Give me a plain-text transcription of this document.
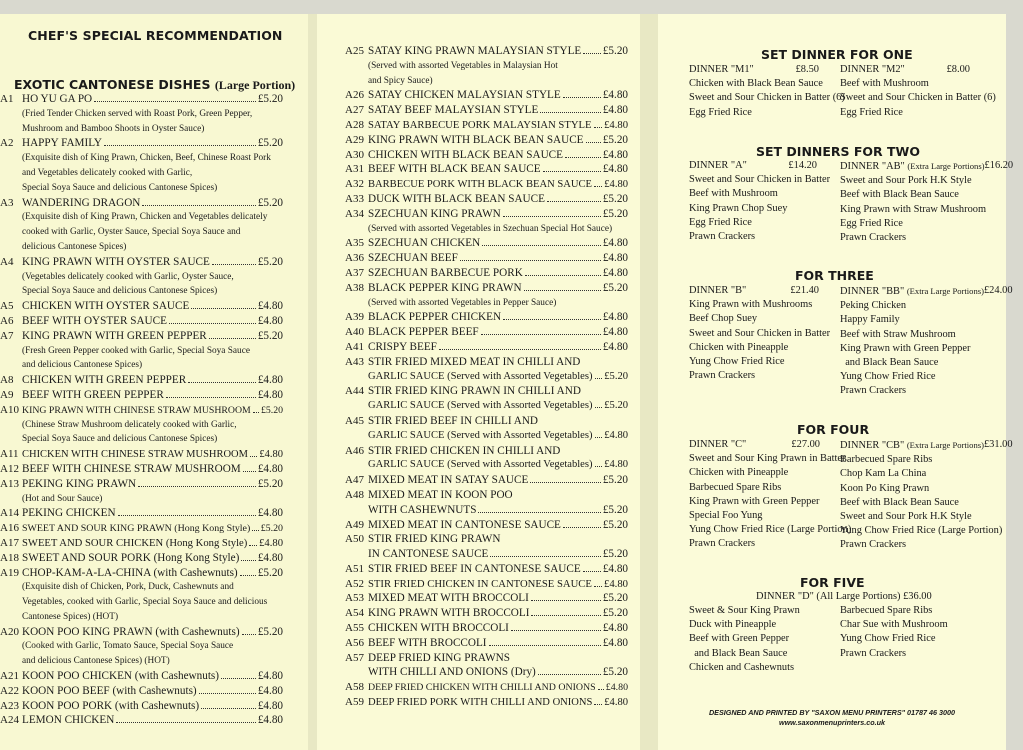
CHEF'S SPECIAL RECOMMENDATION
EXOTIC CANTONESE DISHES (Large Portion)
A1 HO YU GA PO	£5.20
(Fried Tender Chicken served with Roast Pork, Green Pepper,
Mushroom and Bamboo Shoots in Oyster Sauce)
A2 HAPPY FAMILY	£5.20
(Exquisite dish of King Prawn, Chicken, Beef, Chinese Roast Pork
and Vegetables delicately cooked with Garlic,
Special Soya Sauce and delicious Cantonese Spices)
A3 WANDERING DRAGON	£5.20
(Exquisite dish of King Prawn, Chicken and Vegetables delicately
cooked with Garlic, Oyster Sauce, Special Soya Sauce and
delicious Cantonese Spices)
A4 KING PRAWN WITH OYSTER SAUCE	£5.20
(Vegetables delicately cooked with Garlic, Oyster Sauce,
Special Soya Sauce and delicious Cantonese Spices)
A5 CHICKEN WITH OYSTER SAUCE	£4.80
A6 BEEF WITH OYSTER SAUCE	£4.80
A7 KING PRAWN WITH GREEN PEPPER	£5.20
(Fresh Green Pepper cooked with Garlic, Special Soya Sauce
and delicious Cantonese Spices)
A8 CHICKEN WITH GREEN PEPPER	£4.80
A9 BEEF WITH GREEN PEPPER	£4.80
A10 KING PRAWN WITH CHINESE STRAW MUSHROOM £5.20
(Chinese Straw Mushroom delicately cooked with Garlic,
Special Soya Sauce and delicious Cantonese Spices)
A11 CHICKEN WITH CHINESE STRAW MUSHROOM £4.80
A12 BEEF WITH CHINESE STRAW MUSHROOM £4.80
A13 PEKING KING PRAWN	£5.20
(Hot and Sour Sauce)
A14 PEKING CHICKEN	£4.80
A16 SWEET AND SOUR KING PRAWN (Hong Kong Style) £5.20
A17 SWEET AND SOUR CHICKEN (Hong Kong Style) £4.80
A18 SWEET AND SOUR PORK (Hong Kong Style) £4.80
A19 CHOP-KAM-A-LA-CHINA (with Cashewnuts) £5.20
(Exquisite dish of Chicken, Pork, Duck, Cashewnuts and
Vegetables, cooked with Garlic, Special Soya Sauce and delicious
Cantonese Spices) (HOT)
A20 KOON POO KING PRAWN (with Cashewnuts) £5.20
(Cooked with Garlic, Tomato Sauce, Special Soya Sauce
and delicious Cantonese Spices) (HOT)
A21 KOON POO CHICKEN (with Cashewnuts)	£4.80
A22 KOON POO BEEF (with Cashewnuts)	£4.80
A23 KOON POO PORK (with Cashewnuts)	£4.80
A24 LEMON CHICKEN	£4.80
A25 SATAY KING PRAWN MALAYSIAN STYLE £5.20
(Served with assorted Vegetables in Malaysian Hot
and Spicy Sauce)
A26 SATAY CHICKEN MALAYSIAN STYLE	£4.80
A27 SATAY BEEF MALAYSIAN STYLE	£4.80
A28 SATAY BARBECUE PORK MALAYSIAN STYLE £4.80
A29 KING PRAWN WITH BLACK BEAN SAUCE £5.20
A30 CHICKEN WITH BLACK BEAN SAUCE	£4.80
A31 BEEF WITH BLACK BEAN SAUCE	£4.80
A32 BARBECUE PORK WITH BLACK BEAN SAUCE £4.80
A33 DUCK WITH BLACK BEAN SAUCE	£5.20
A34 SZECHUAN KING PRAWN	£5.20
(Served with assorted Vegetables in Szechuan Special Hot Sauce)
A35 SZECHUAN CHICKEN	£4.80
A36 SZECHUAN BEEF	£4.80
A37 SZECHUAN BARBECUE PORK	£4.80
A38 BLACK PEPPER KING PRAWN	£5.20
(Served with assorted Vegetables in Pepper Sauce)
A39 BLACK PEPPER CHICKEN	£4.80
A40 BLACK PEPPER BEEF	£4.80
A41 CRISPY BEEF	£4.80
A43 STIR FRIED MIXED MEAT IN CHILLI AND
GARLIC SAUCE (Served with Assorted Vegetables) £5.20
A44 STIR FRIED KING PRAWN IN CHILLI AND
GARLIC SAUCE (Served with Assorted Vegetables) £5.20
A45 STIR FRIED BEEF IN CHILLI AND
GARLIC SAUCE (Served with Assorted Vegetables) £4.80
A46 STIR FRIED CHICKEN IN CHILLI AND
GARLIC SAUCE (Served with Assorted Vegetables) £4.80
A47 MIXED MEAT IN SATAY SAUCE	£5.20
A48 MIXED MEAT IN KOON POO
WITH CASHEWNUTS	£5.20
A49 MIXED MEAT IN CANTONESE SAUCE	£5.20
A50 STIR FRIED KING PRAWN
IN CANTONESE SAUCE	£5.20
A51 STIR FRIED BEEF IN CANTONESE SAUCE £4.80
A52 STIR FRIED CHICKEN IN CANTONESE SAUCE £4.80
A53 MIXED MEAT WITH BROCCOLI	£5.20
A54 KING PRAWN WITH BROCCOLI	£5.20
A55 CHICKEN WITH BROCCOLI	£4.80
A56 BEEF WITH BROCCOLI	£4.80
A57 DEEP FRIED KING PRAWNS
WITH CHILLI AND ONIONS (Dry)	£5.20
A58 DEEP FRIED CHICKEN WITH CHILLI AND ONIONS £4.80
A59 DEEP FRIED PORK WITH CHILLI AND ONIONS £4.80
SET DINNER FOR ONE
DINNER "M1"	£8.50
Chicken with Black Bean Sauce
Sweet and Sour Chicken in Batter (6)
Egg Fried Rice
DINNER "M2"	£8.00
Beef with Mushroom
Sweet and Sour Chicken in Batter (6)
Egg Fried Rice
SET DINNERS FOR TWO
DINNER "A"	£14.20
Sweet and Sour Chicken in Batter
Beef with Mushroom
King Prawn Chop Suey
Egg Fried Rice
Prawn Crackers
DINNER "AB" (Extra Large Portions) £16.20
Sweet and Sour Pork H.K Style
Beef with Black Bean Sauce
King Prawn with Straw Mushroom
Egg Fried Rice
Prawn Crackers
FOR THREE
DINNER "B"	£21.40
King Prawn with Mushrooms
Beef Chop Suey
Sweet and Sour Chicken in Batter
Chicken with Pineapple
Yung Chow Fried Rice
Prawn Crackers
DINNER "BB" (Extra Large Portions) £24.00
Peking Chicken
Happy Family
Beef with Straw Mushroom
King Prawn with Green Pepper
and Black Bean Sauce
Yung Chow Fried Rice
Prawn Crackers
FOR FOUR
DINNER "C"	£27.00
Sweet and Sour King Prawn in Batter
Chicken with Pineapple
Barbecued Spare Ribs
King Prawn with Green Pepper
Special Foo Yung
Yung Chow Fried Rice (Large Portion)
Prawn Crackers
DINNER "CB" (Extra Large Portions) £31.00
Barbecued Spare Ribs
Chop Kam La China
Koon Po King Prawn
Beef with Black Bean Sauce
Sweet and Sour Pork H.K Style
Yung Chow Fried Rice (Large Portion)
Prawn Crackers
FOR FIVE
DINNER "D" (All Large Portions) £36.00
Sweet & Sour King Prawn
Duck with Pineapple
Beef with Green Pepper
and Black Bean Sauce
Chicken and Cashewnuts
Barbecued Spare Ribs
Char Sue with Mushroom
Yung Chow Fried Rice
Prawn Crackers
DESIGNED AND PRINTED BY "SAXON MENU PRINTERS" 01787 46 3000
www.saxonmenuprinters.co.uk
